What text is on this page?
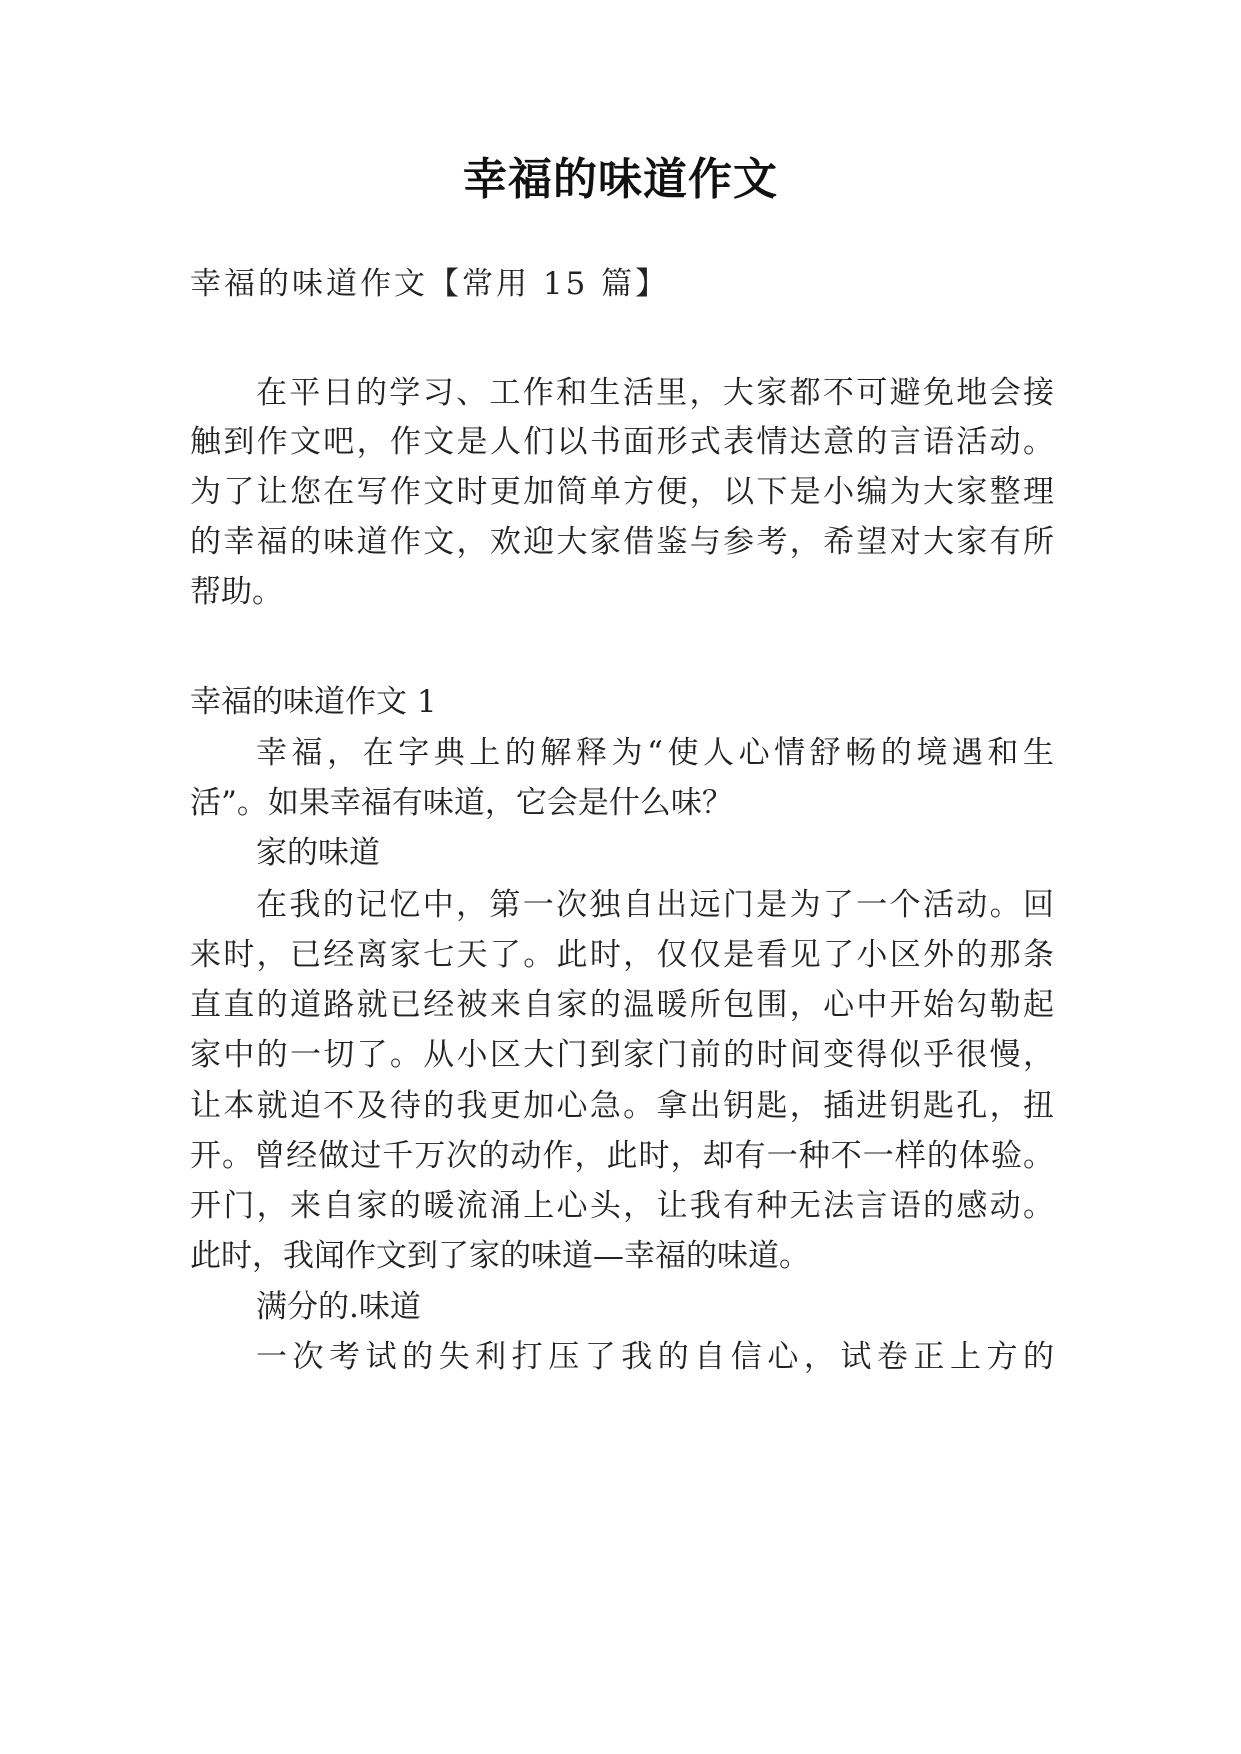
幸福的味道作文
幸福的味道作文【常用 15 篇】
在平日的学习、工作和生活里，大家都不可避免地会接
触到作文吧，作文是人们以书面形式表情达意的言语活动。
为了让您在写作文时更加简单方便，以下是小编为大家整理
的幸福的味道作文，欢迎大家借鉴与参考，希望对大家有所
帮助。
幸福的味道作文 1
幸福，在字典上的解释为“使人心情舒畅的境遇和生
活”。如果幸福有味道，它会是什么味？
家的味道
在我的记忆中，第一次独自出远门是为了一个活动。回
来时，已经离家七天了。此时，仅仅是看见了小区外的那条
直直的道路就已经被来自家的温暖所包围，心中开始勾勒起
家中的一切了。从小区大门到家门前的时间变得似乎很慢，
让本就迫不及待的我更加心急。拿出钥匙，插进钥匙孔，扭
开。曾经做过千万次的动作，此时，却有一种不一样的体验。
开门，来自家的暖流涌上心头，让我有种无法言语的感动。
此时，我闻作文到了家的味道—幸福的味道。
满分的.味道
一次考试的失利打压了我的自信心，试卷正上方的
